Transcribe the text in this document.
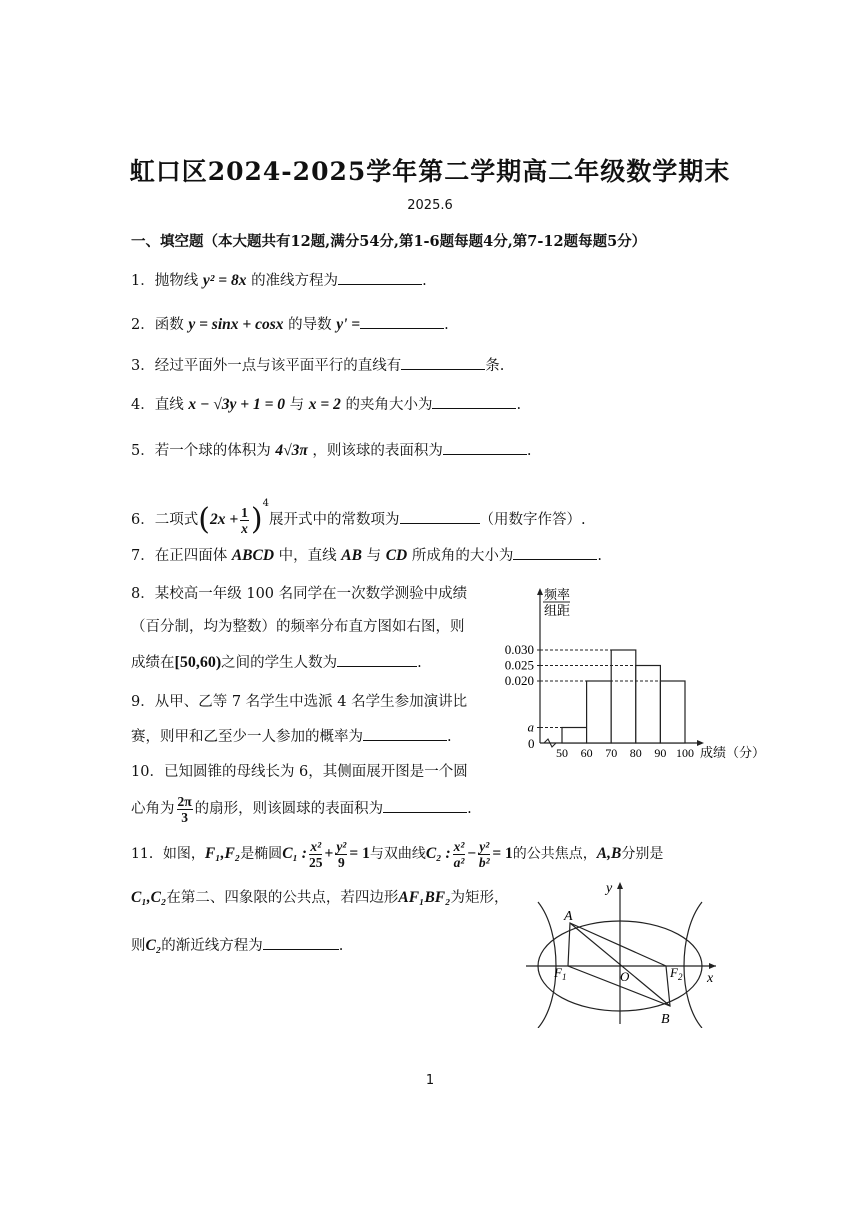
虹口区2024-2025学年第二学期高二年级数学期末
2025.6
一、填空题（本大题共有12题,满分54分,第1-6题每题4分,第7-12题每题5分）
1．抛物线 y² = 8x 的准线方程为	.
2．函数 y = sinx + cosx 的导数 y' =	.
3．经过平面外一点与该平面平行的直线有	条.
4．直线 x − √3y + 1 = 0 与 x = 2 的夹角大小为	.
5．若一个球的体积为 4√3π ，则该球的表面积为	.
6．二项式$(2x + \frac{1}{x} )^4$展开式中的常数项为	（用数字作答）.
7．在正四面体 ABCD 中，直线 AB 与 CD 所成角的大小为	.
8．某校高一年级 100 名同学在一次数学测验中成绩
（百分制，均为整数）的频率分布直方图如右图，则
成绩在[50,60)之间的学生人数为	.
9．从甲、乙等 7 名学生中选派 4 名学生参加演讲比
赛，则甲和乙至少一人参加的概率为	.
10．已知圆锥的母线长为 6，其侧面展开图是一个圆
心角为 $\frac{2\pi}{3}$ 的扇形，则该圆球的表面积为	.
11．如图，F₁,F₂是椭圆C₁ : $\frac{\text{x²}}{25} + \frac{\text{y²}}{9} = 1$与双曲线C₂ : $\frac{\text{x²}}{\text{a²}} - \frac{\text{y²}}{\text{b²}} = 1$的公共焦点，A,B分别是
C₁,C₂在第二、四象限的公共点，若四边形AF₁BF₂为矩形，
则C₂的渐近线方程为	.
频率
组距
a
0.020
0.025
0.030
0
50 60 70 80 90 100 成绩（分）
A
B
$F_1$	$F_2$
O	x
y
1
